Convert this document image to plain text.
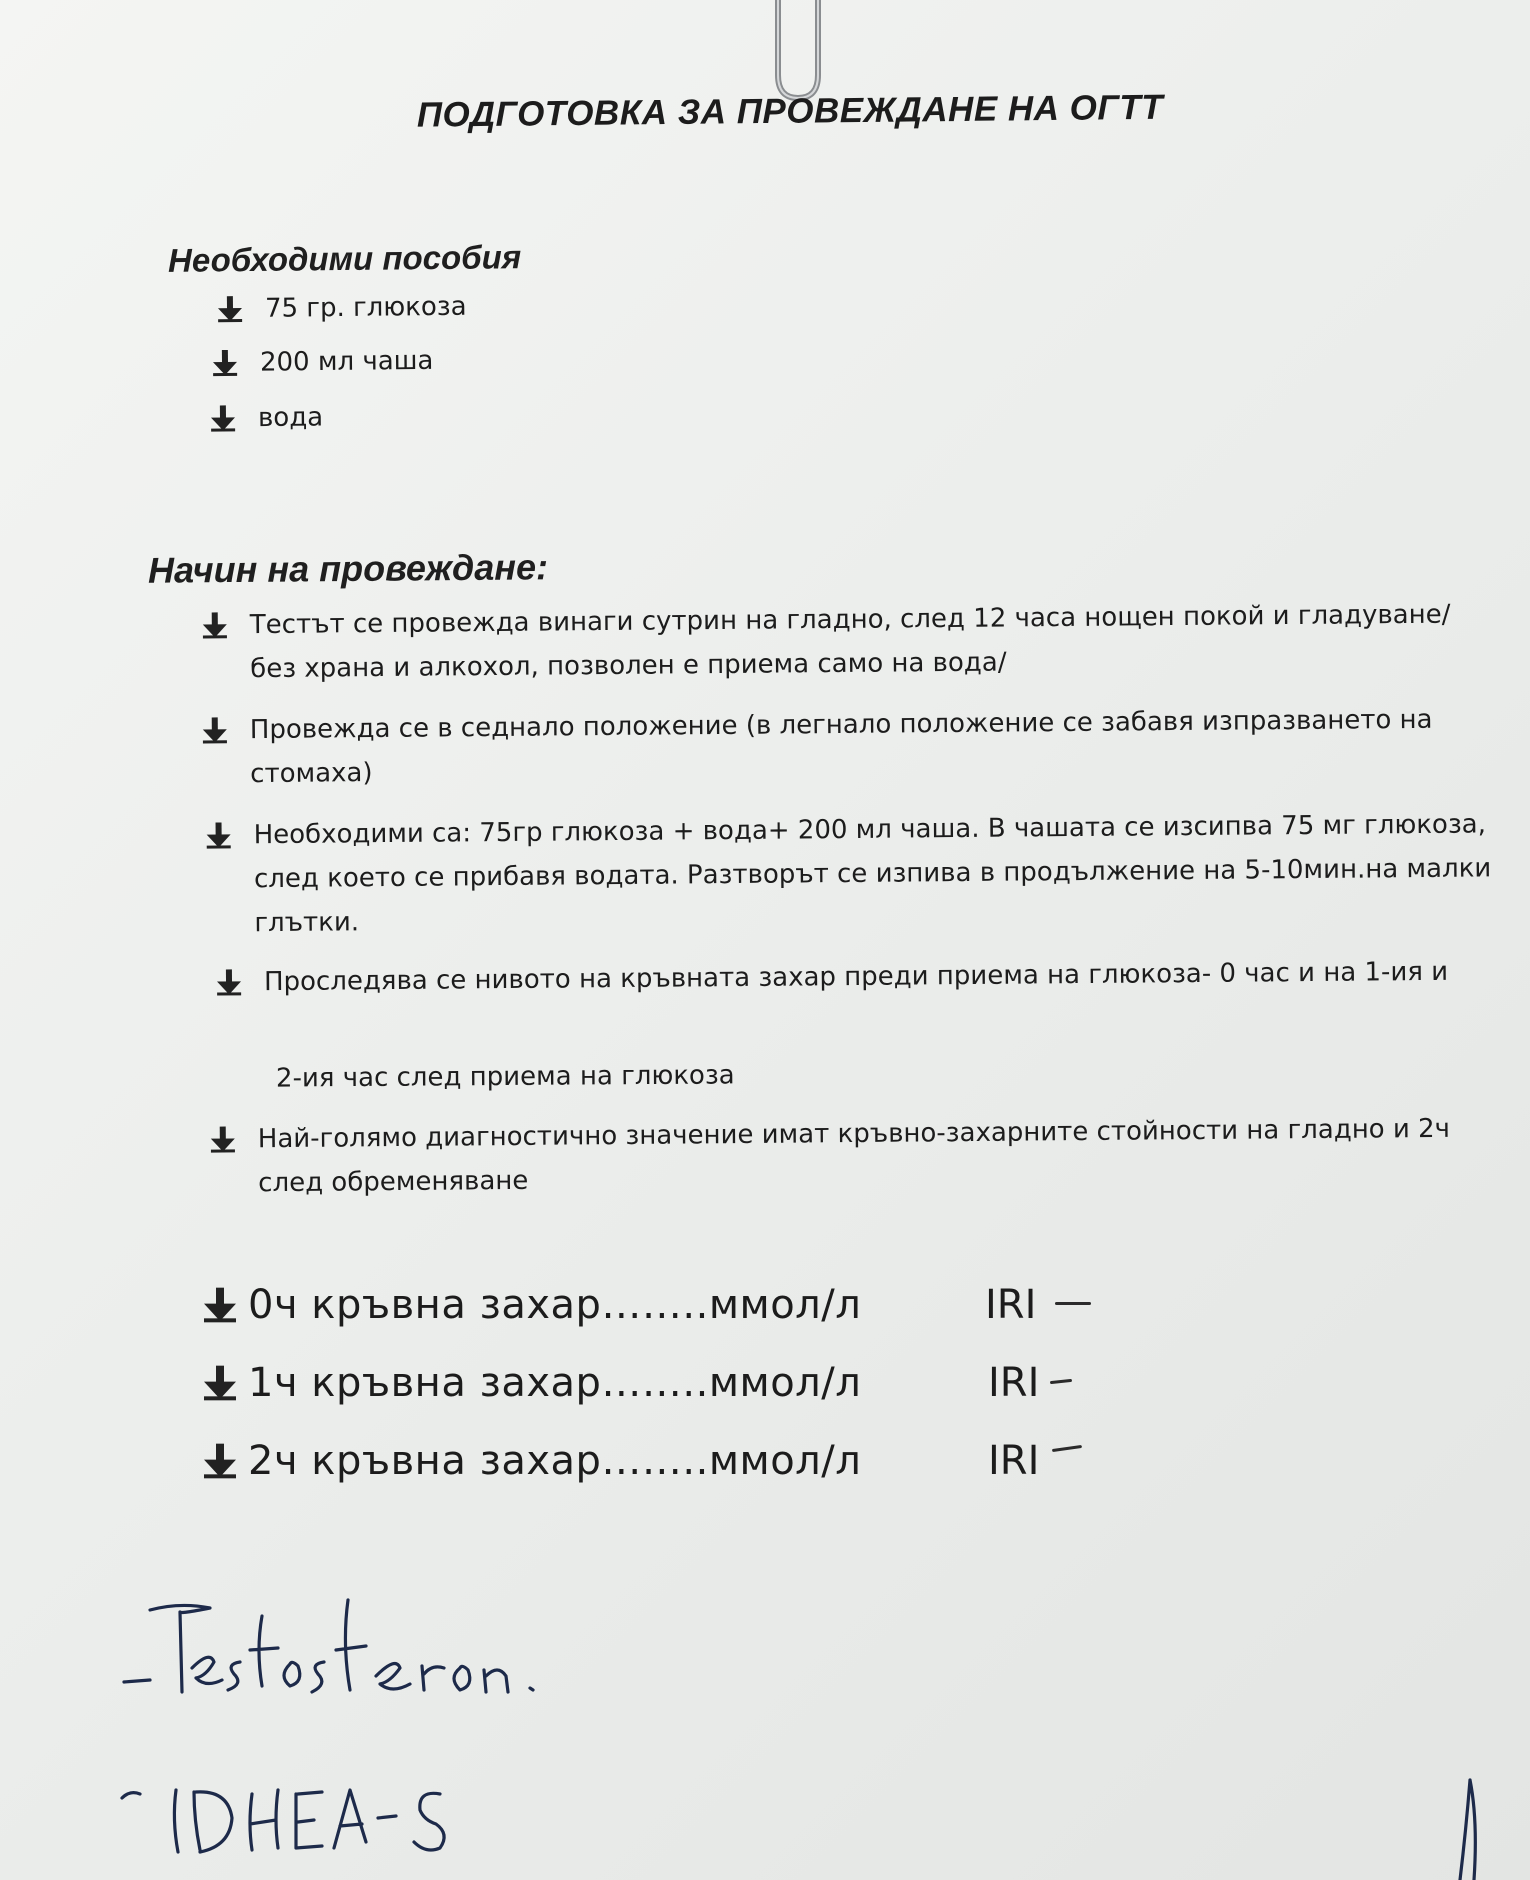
ПОДГОТОВКА ЗА ПРОВЕЖДАНЕ НА ОГТТ
Необходими пособия
75 гр. глюкоза
200 мл чаша
вода
Начин на провеждане:
Тестът се провежда винаги сутрин на гладно, след 12 часа нощен покой и гладуване/ без храна и алкохол, позволен е приема само на вода/
Провежда се в седнало положение (в легнало положение се забавя изпразването на стомаха)
Необходими са: 75гр глюкоза + вода+ 200 мл чаша. В чашата се изсипва 75 мг глюкоза, след което се прибавя водата. Разтворът се изпива в продължение на 5-10мин.на малки глътки.
Проследява се нивото на кръвната захар преди приема на глюкоза- 0 час и на 1-ия и
2-ия час след приема на глюкоза
Най-голямо диагностично значение имат кръвно-захарните стойности на гладно и 2ч след обременяване
0ч кръвна захар……..ммол/л
1ч кръвна захар……..ммол/л
2ч кръвна захар……..ммол/л
IRI
IRI
IRI
